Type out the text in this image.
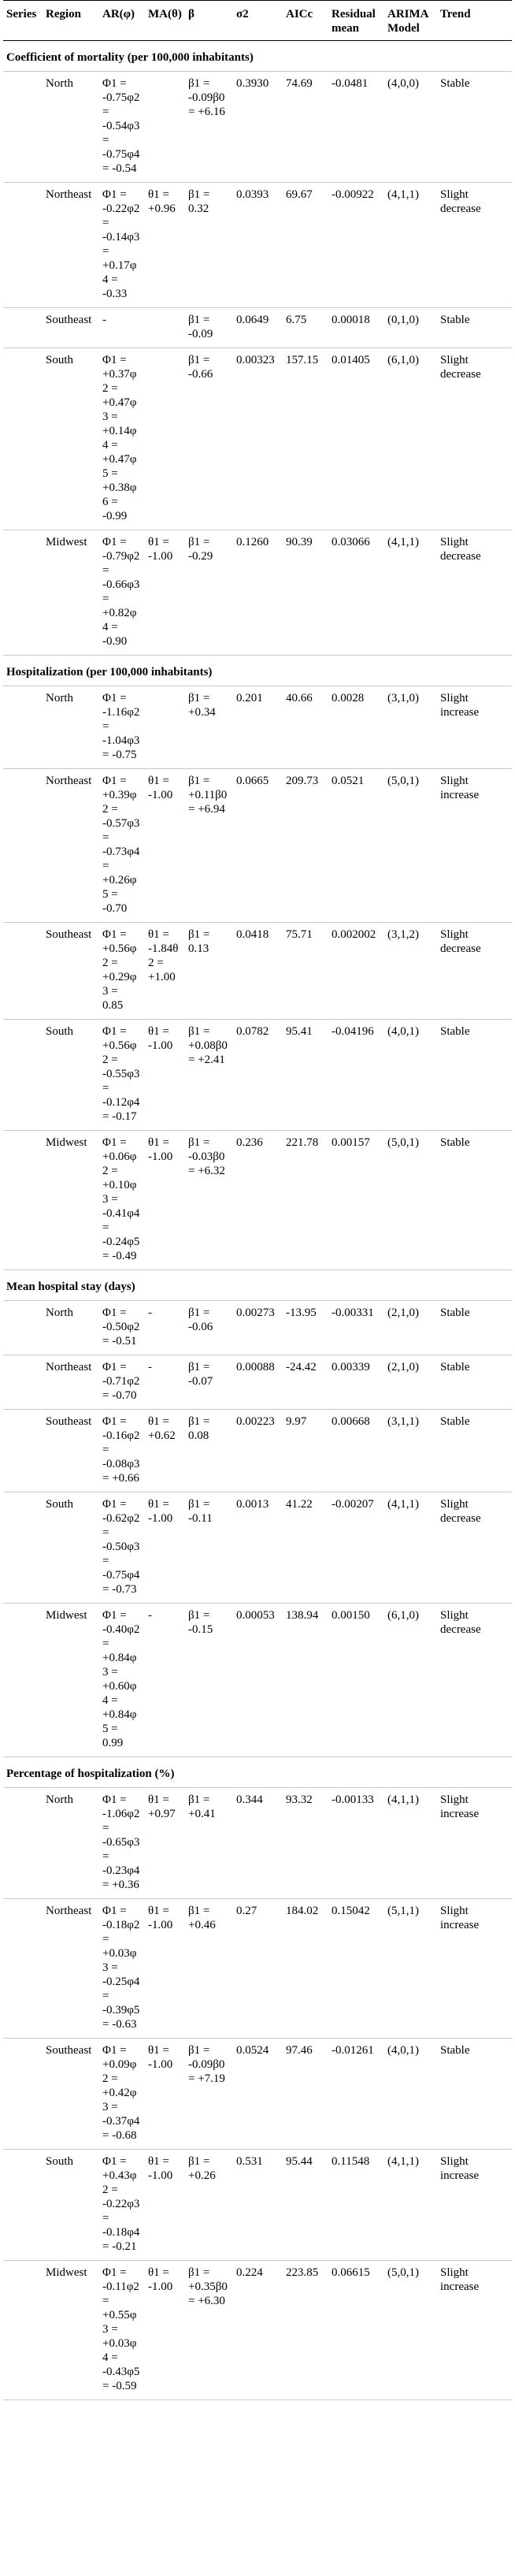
Series	Region	AR(φ)	MA(θ)	β	σ2	AICc	Residual mean	ARIMA Model	Trend
Coefficient of mortality (per 100,000 inhabitants)									
	North	Φ1 = -0.75φ2 = -0.54φ3 = -0.75φ4 = -0.54		β1 = -0.09β0 = +6.16	0.3930	74.69	-0.0481	(4,0,0)	Stable
	Northeast	Φ1 = -0.22φ2 = -0.14φ3 = +0.17φ4 = -0.33	θ1 = +0.96	β1 = 0.32	0.0393	69.67	-0.00922	(4,1,1)	Slight decrease
	Southeast	-		β1 = -0.09	0.0649	6.75	0.00018	(0,1,0)	Stable
	South	Φ1 = +0.37φ2 = +0.47φ3 = +0.14φ4 = +0.47φ5 = +0.38φ6 = -0.99		β1 = -0.66	0.00323	157.15	0.01405	(6,1,0)	Slight decrease
	Midwest	Φ1 = -0.79φ2 = -0.66φ3 = +0.82φ4 = -0.90	θ1 = -1.00	β1 = -0.29	0.1260	90.39	0.03066	(4,1,1)	Slight decrease
Hospitalization (per 100,000 inhabitants)									
	North	Φ1 = -1.16φ2 = -1.04φ3 = -0.75		β1 = +0.34	0.201	40.66	0.0028	(3,1,0)	Slight increase
	Northeast	Φ1 = +0.39φ2 = -0.57φ3 = -0.73φ4 = +0.26φ5 = -0.70	θ1 = -1.00	β1 = +0.11β0 = +6.94	0.0665	209.73	0.0521	(5,0,1)	Slight increase
	Southeast	Φ1 = +0.56φ2 = +0.29φ3 = 0.85	θ1 = -1.84θ2 = +1.00	β1 = 0.13	0.0418	75.71	0.002002	(3,1,2)	Slight decrease
	South	Φ1 = +0.56φ2 = -0.55φ3 = -0.12φ4 = -0.17	θ1 = -1.00	β1 = +0.08β0 = +2.41	0.0782	95.41	-0.04196	(4,0,1)	Stable
	Midwest	Φ1 = +0.06φ2 = +0.10φ3 = -0.41φ4 = -0.24φ5 = -0.49	θ1 = -1.00	β1 = -0.03β0 = +6.32	0.236	221.78	0.00157	(5,0,1)	Stable
Mean hospital stay (days)									
	North	Φ1 = -0.50φ2 = -0.51	-	β1 = -0.06	0.00273	-13.95	-0.00331	(2,1,0)	Stable
	Northeast	Φ1 = -0.71φ2 = -0.70	-	β1 = -0.07	0.00088	-24.42	0.00339	(2,1,0)	Stable
	Southeast	Φ1 = -0.16φ2 = -0.08φ3 = +0.66	θ1 = +0.62	β1 = 0.08	0.00223	9.97	0.00668	(3,1,1)	Stable
	South	Φ1 = -0.62φ2 = -0.50φ3 = -0.75φ4 = -0.73	θ1 = -1.00	β1 = -0.11	0.0013	41.22	-0.00207	(4,1,1)	Slight decrease
	Midwest	Φ1 = -0.40φ2 = +0.84φ3 = +0.60φ4 = +0.84φ5 = 0.99	-	β1 = -0.15	0.00053	138.94	0.00150	(6,1,0)	Slight decrease
Percentage of hospitalization (%)									
	North	Φ1 = -1.06φ2 = -0.65φ3 = -0.23φ4 = +0.36	θ1 = +0.97	β1 = +0.41	0.344	93.32	-0.00133	(4,1,1)	Slight increase
	Northeast	Φ1 = -0.18φ2 = +0.03φ3 = -0.25φ4 = -0.39φ5 = -0.63	θ1 = -1.00	β1 = +0.46	0.27	184.02	0.15042	(5,1,1)	Slight increase
	Southeast	Φ1 = +0.09φ2 = +0.42φ3 = -0.37φ4 = -0.68	θ1 = -1.00	β1 = -0.09β0 = +7.19	0.0524	97.46	-0.01261	(4,0,1)	Stable
	South	Φ1 = +0.43φ2 = -0.22φ3 = -0.18φ4 = -0.21	θ1 = -1.00	β1 = +0.26	0.531	95.44	0.11548	(4,1,1)	Slight increase
	Midwest	Φ1 = -0.11φ2 = +0.55φ3 = +0.03φ4 = -0.43φ5 = -0.59	θ1 = -1.00	β1 = +0.35β0 = +6.30	0.224	223.85	0.06615	(5,0,1)	Slight increase
